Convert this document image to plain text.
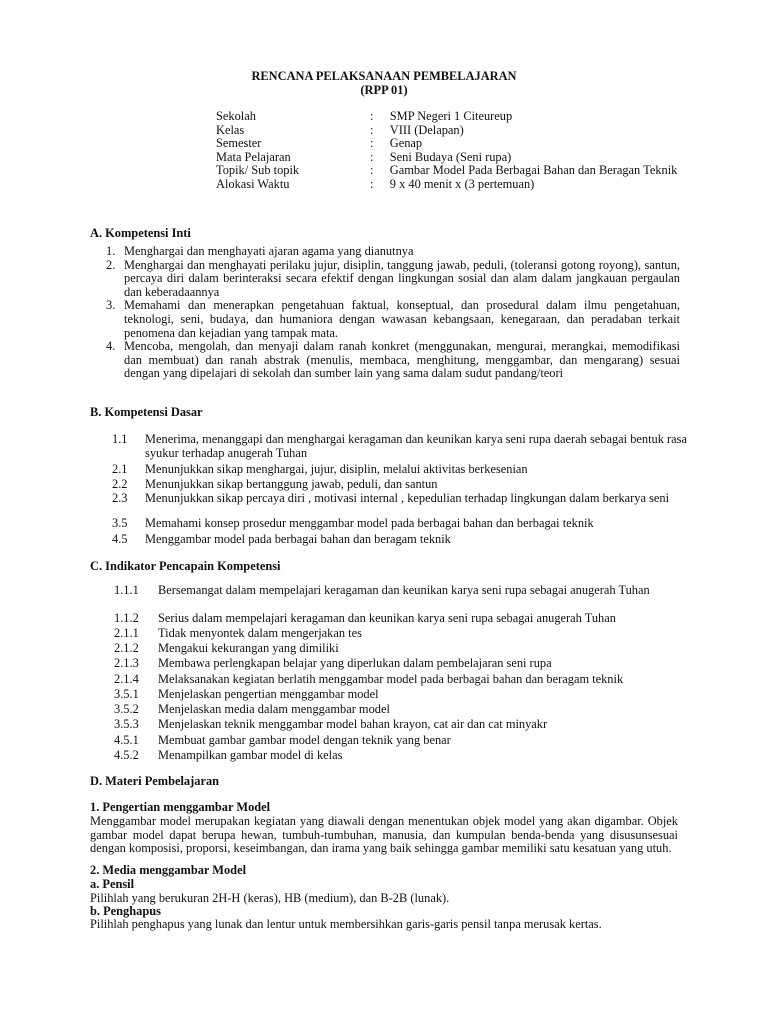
RENCANA PELAKSANAAN PEMBELAJARAN
(RPP 01)
Sekolah	:	SMP Negeri 1 Citeureup
Kelas	:	VIII (Delapan)
Semester	:	Genap
Mata Pelajaran	:	Seni Budaya (Seni rupa)
Topik/ Sub topik	:	Gambar Model Pada Berbagai Bahan dan Beragan Teknik
Alokasi Waktu	:	9 x 40 menit x (3 pertemuan)
A. Kompetensi Inti
1. Menghargai dan menghayati ajaran agama yang dianutnya
2. Menghargai dan menghayati perilaku jujur, disiplin, tanggung jawab, peduli, (toleransi gotong royong), santun, percaya diri dalam berinteraksi secara efektif dengan lingkungan sosial dan alam dalam jangkauan pergaulan dan keberadaannya
3. Memahami dan menerapkan pengetahuan faktual, konseptual, dan prosedural dalam ilmu pengetahuan, teknologi, seni, budaya, dan humaniora dengan wawasan kebangsaan, kenegaraan, dan peradaban terkait penomena dan kejadian yang tampak mata.
4. Mencoba, mengolah, dan menyaji dalam ranah konkret (menggunakan, mengurai, merangkai, memodifikasi dan membuat) dan ranah abstrak (menulis, membaca, menghitung, menggambar, dan mengarang) sesuai dengan yang dipelajari di sekolah dan sumber lain yang sama dalam sudut pandang/teori
B. Kompetensi Dasar
1.1	Menerima, menanggapi dan menghargai keragaman dan keunikan karya seni rupa daerah sebagai bentuk rasa syukur terhadap anugerah Tuhan
2.1	Menunjukkan sikap menghargai, jujur, disiplin, melalui aktivitas berkesenian
2.2	Menunjukkan sikap bertanggung jawab, peduli, dan santun
2.3	Menunjukkan sikap percaya diri , motivasi internal , kepedulian terhadap lingkungan dalam berkarya seni
3.5	Memahami konsep prosedur menggambar model pada berbagai bahan dan berbagai teknik
4.5	Menggambar model pada berbagai bahan dan beragam teknik
C. Indikator Pencapain Kompetensi
1.1.1	Bersemangat dalam mempelajari keragaman dan keunikan karya seni rupa sebagai anugerah Tuhan
1.1.2	Serius dalam mempelajari keragaman dan keunikan karya seni rupa sebagai anugerah Tuhan
2.1.1	Tidak menyontek dalam mengerjakan tes
2.1.2	Mengakui kekurangan yang dimiliki
2.1.3	Membawa perlengkapan belajar yang diperlukan dalam pembelajaran seni rupa
2.1.4	Melaksanakan kegiatan berlatih menggambar model pada berbagai bahan dan beragam teknik
3.5.1	Menjelaskan pengertian menggambar model
3.5.2	Menjelaskan media dalam menggambar model
3.5.3	Menjelaskan teknik menggambar model bahan krayon, cat air dan cat minyakr
4.5.1	Membuat gambar gambar model dengan teknik yang benar
4.5.2	Menampilkan gambar model di kelas
D. Materi Pembelajaran
1. Pengertian menggambar Model
Menggambar model merupakan kegiatan yang diawali dengan menentukan objek model yang akan digambar. Objek gambar model dapat berupa hewan, tumbuh-tumbuhan, manusia, dan kumpulan benda-benda yang disusunsesuai dengan komposisi, proporsi, keseimbangan, dan irama yang baik sehingga gambar memiliki satu kesatuan yang utuh.
2. Media menggambar Model
a. Pensil
Pilihlah yang berukuran 2H-H (keras), HB (medium), dan B-2B (lunak).
b. Penghapus
Pilihlah penghapus yang lunak dan lentur untuk membersihkan garis-garis pensil tanpa merusak kertas.
